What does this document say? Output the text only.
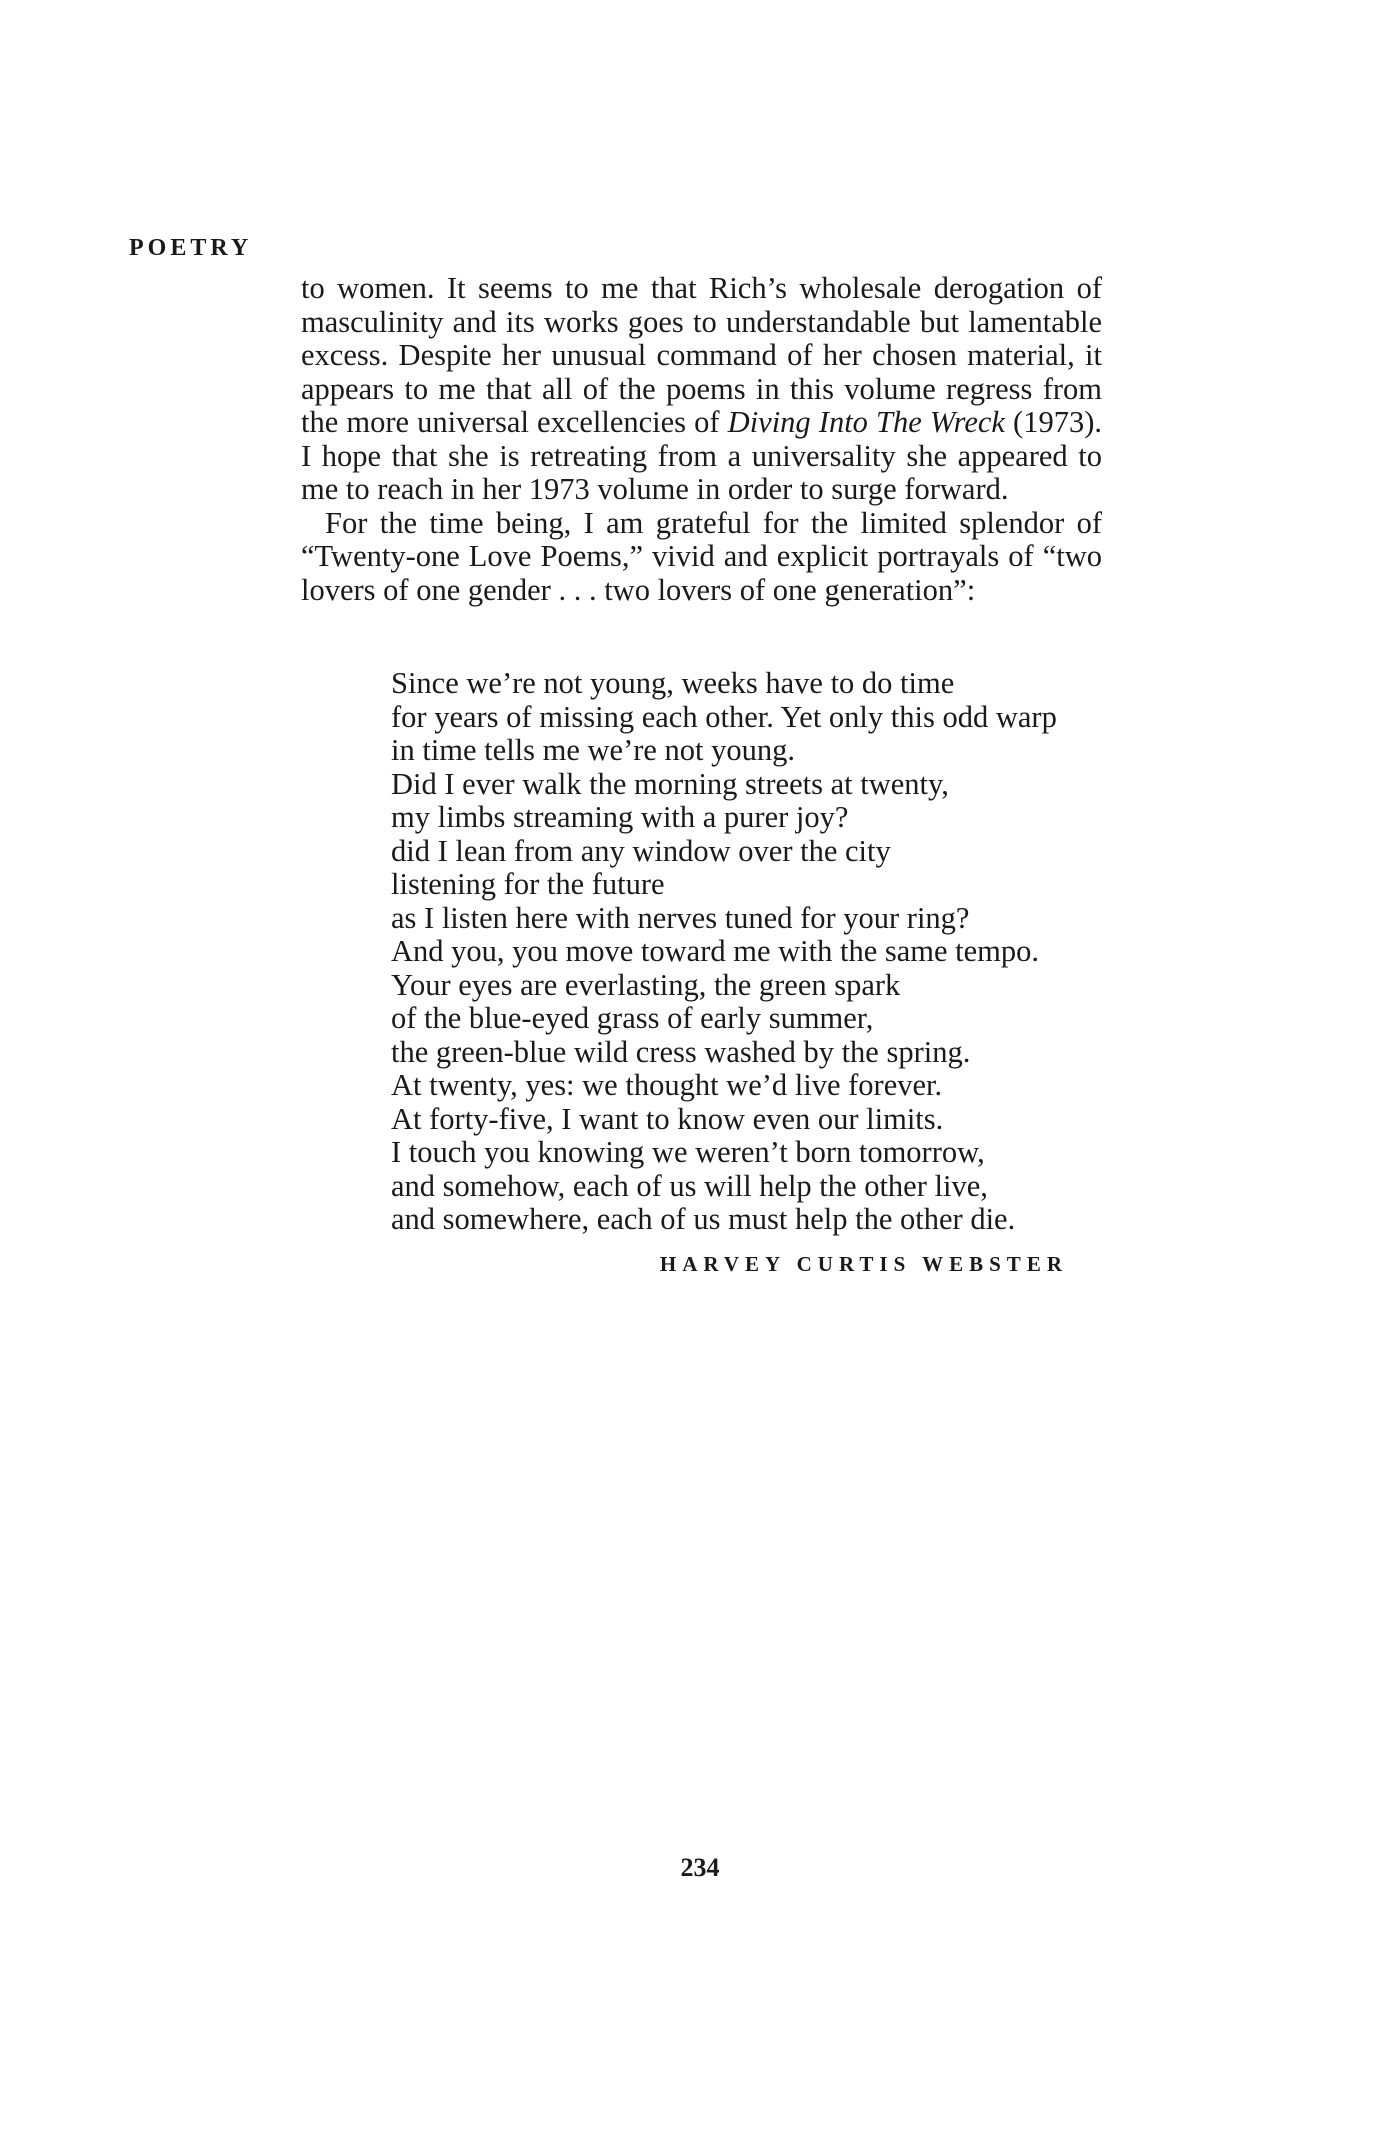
POETRY

to women. It seems to me that Rich’s wholesale derogation of masculinity and its works goes to understandable but lamentable excess. Despite her unusual command of her chosen material, it appears to me that all of the poems in this volume regress from the more universal excellencies of Diving Into The Wreck (1973). I hope that she is retreating from a universality she appeared to me to reach in her 1973 volume in order to surge forward.

For the time being, I am grateful for the limited splendor of “Twenty-one Love Poems,” vivid and explicit portrayals of “two lovers of one gender . . . two lovers of one generation”:

Since we’re not young, weeks have to do time
for years of missing each other. Yet only this odd warp
in time tells me we’re not young.
Did I ever walk the morning streets at twenty,
my limbs streaming with a purer joy?
did I lean from any window over the city
listening for the future
as I listen here with nerves tuned for your ring?
And you, you move toward me with the same tempo.
Your eyes are everlasting, the green spark
of the blue-eyed grass of early summer,
the green-blue wild cress washed by the spring.
At twenty, yes: we thought we’d live forever.
At forty-five, I want to know even our limits.
I touch you knowing we weren’t born tomorrow,
and somehow, each of us will help the other live,
and somewhere, each of us must help the other die.
HARVEY CURTIS WEBSTER
234
